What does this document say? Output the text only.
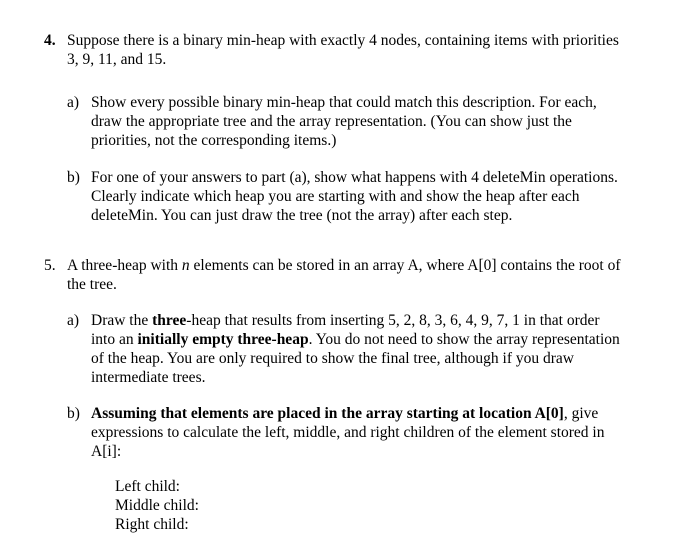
4. Suppose there is a binary min-heap with exactly 4 nodes, containing items with priorities
3, 9, 11, and 15.
a) Show every possible binary min-heap that could match this description. For each,
draw the appropriate tree and the array representation. (You can show just the
priorities, not the corresponding items.)
b) For one of your answers to part (a), show what happens with 4 deleteMin operations.
Clearly indicate which heap you are starting with and show the heap after each
deleteMin. You can just draw the tree (not the array) after each step.
5. A three-heap with n elements can be stored in an array A, where A[0] contains the root of
the tree.
a) Draw the three-heap that results from inserting 5, 2, 8, 3, 6, 4, 9, 7, 1 in that order
into an initially empty three-heap. You do not need to show the array representation
of the heap. You are only required to show the final tree, although if you draw
intermediate trees.
b) Assuming that elements are placed in the array starting at location A[0], give
expressions to calculate the left, middle, and right children of the element stored in
A[i]:
Left child:
Middle child:
Right child:
